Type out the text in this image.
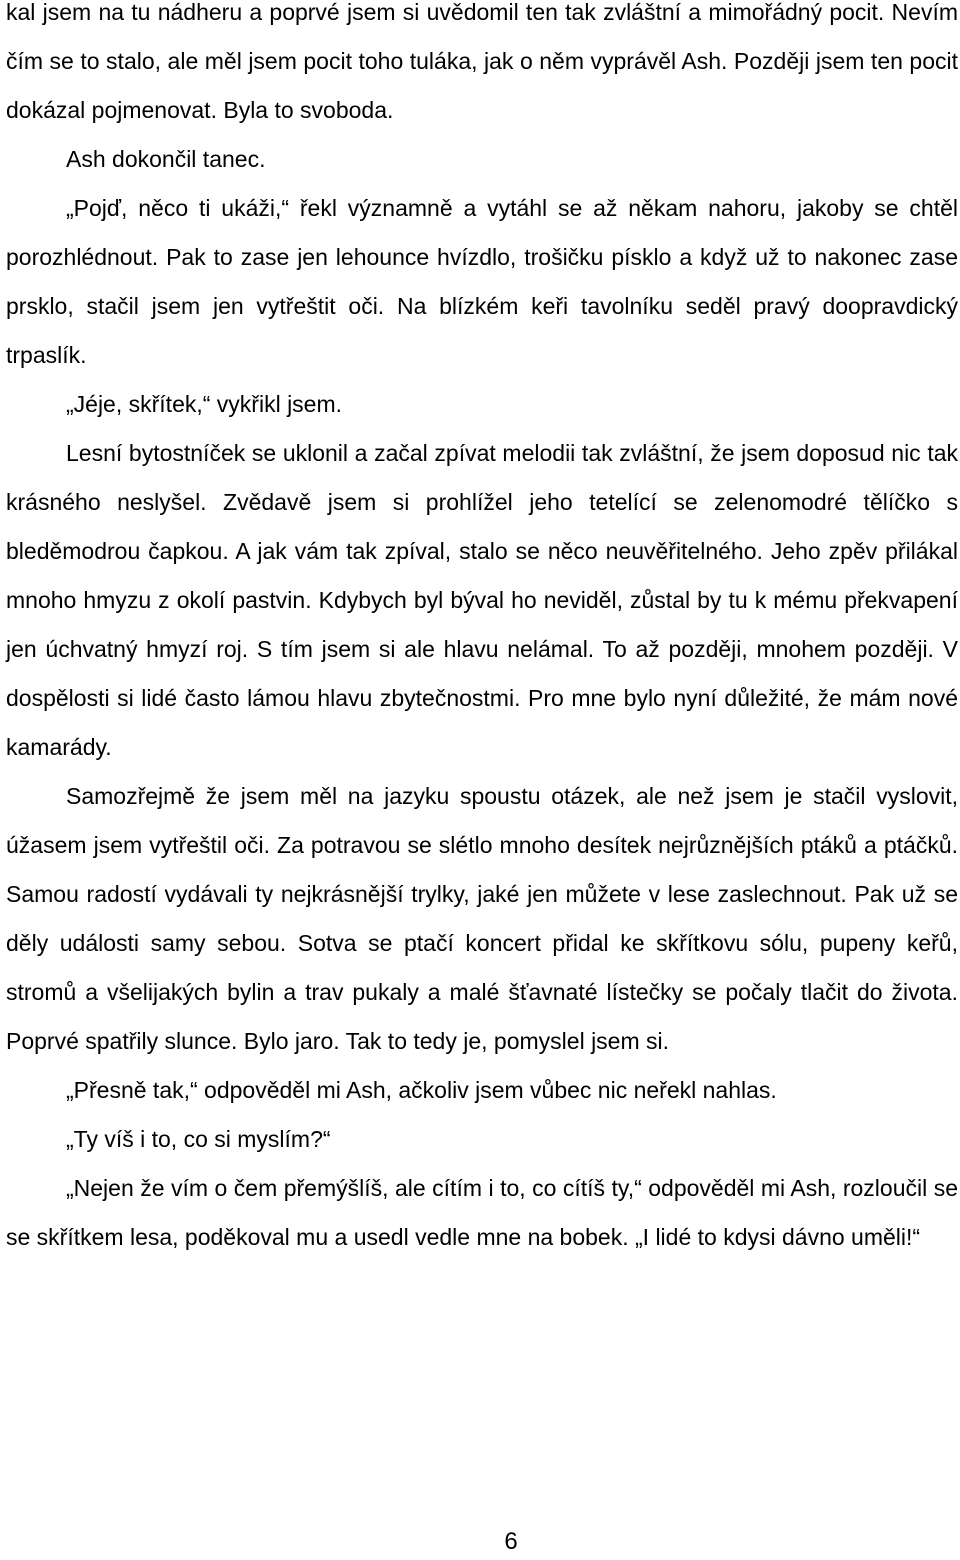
kal jsem na tu nádheru a poprvé jsem si uvědomil ten tak zvláštní a mimořádný pocit. Nevím čím se to stalo, ale měl jsem pocit toho tuláka, jak o něm vyprávěl Ash. Později jsem ten pocit dokázal pojmenovat. Byla to svoboda.

Ash dokončil tanec.

„Pojď, něco ti ukáži,“ řekl významně a vytáhl se až někam nahoru, jakoby se chtěl porozhlédnout. Pak to zase jen lehounce hvízdlo, trošičku písklo a když už to nakonec zase prsklo, stačil jsem jen vytřeštit oči. Na blízkém keři tavolníku seděl pravý doopravdický trpaslík.

„Jéje, skřítek,“ vykřikl jsem.

Lesní bytostníček se uklonil a začal zpívat melodii tak zvláštní, že jsem doposud nic tak krásného neslyšel. Zvědavě jsem si prohlížel jeho tetelící se zelenomodré tělíčko s bleděmodrou čapkou. A jak vám tak zpíval, stalo se něco neuvěřitelného. Jeho zpěv přilákal mnoho hmyzu z okolí pastvin. Kdybych byl býval ho neviděl, zůstal by tu k mému překvapení jen úchvatný hmyzí roj. S tím jsem si ale hlavu nelámal. To až později, mnohem později. V dospělosti si lidé často lámou hlavu zbytečnostmi. Pro mne bylo nyní důležité, že mám nové kamarády.

Samozřejmě že jsem měl na jazyku spoustu otázek, ale než jsem je stačil vyslovit, úžasem jsem vytřeštil oči. Za potravou se slétlo mnoho desítek nejrůznějších ptáků a ptáčků. Samou radostí vydávali ty nejkrásnější trylky, jaké jen můžete v lese zaslechnout. Pak už se děly události samy sebou. Sotva se ptačí koncert přidal ke skřítkovu sólu, pupeny keřů, stromů a všelijakých bylin a trav pukaly a malé šťavnaté lístečky se počaly tlačit do života. Poprvé spatřily slunce. Bylo jaro. Tak to tedy je, pomyslel jsem si.

„Přesně tak,“ odpověděl mi Ash, ačkoliv jsem vůbec nic neřekl nahlas.

„Ty víš i to, co si myslím?“

„Nejen že vím o čem přemýšlíš, ale cítím i to, co cítíš ty,“ odpověděl mi Ash, rozloučil se se skřítkem lesa, poděkoval mu a usedl vedle mne na bobek. „I lidé to kdysi dávno uměli!“

6
